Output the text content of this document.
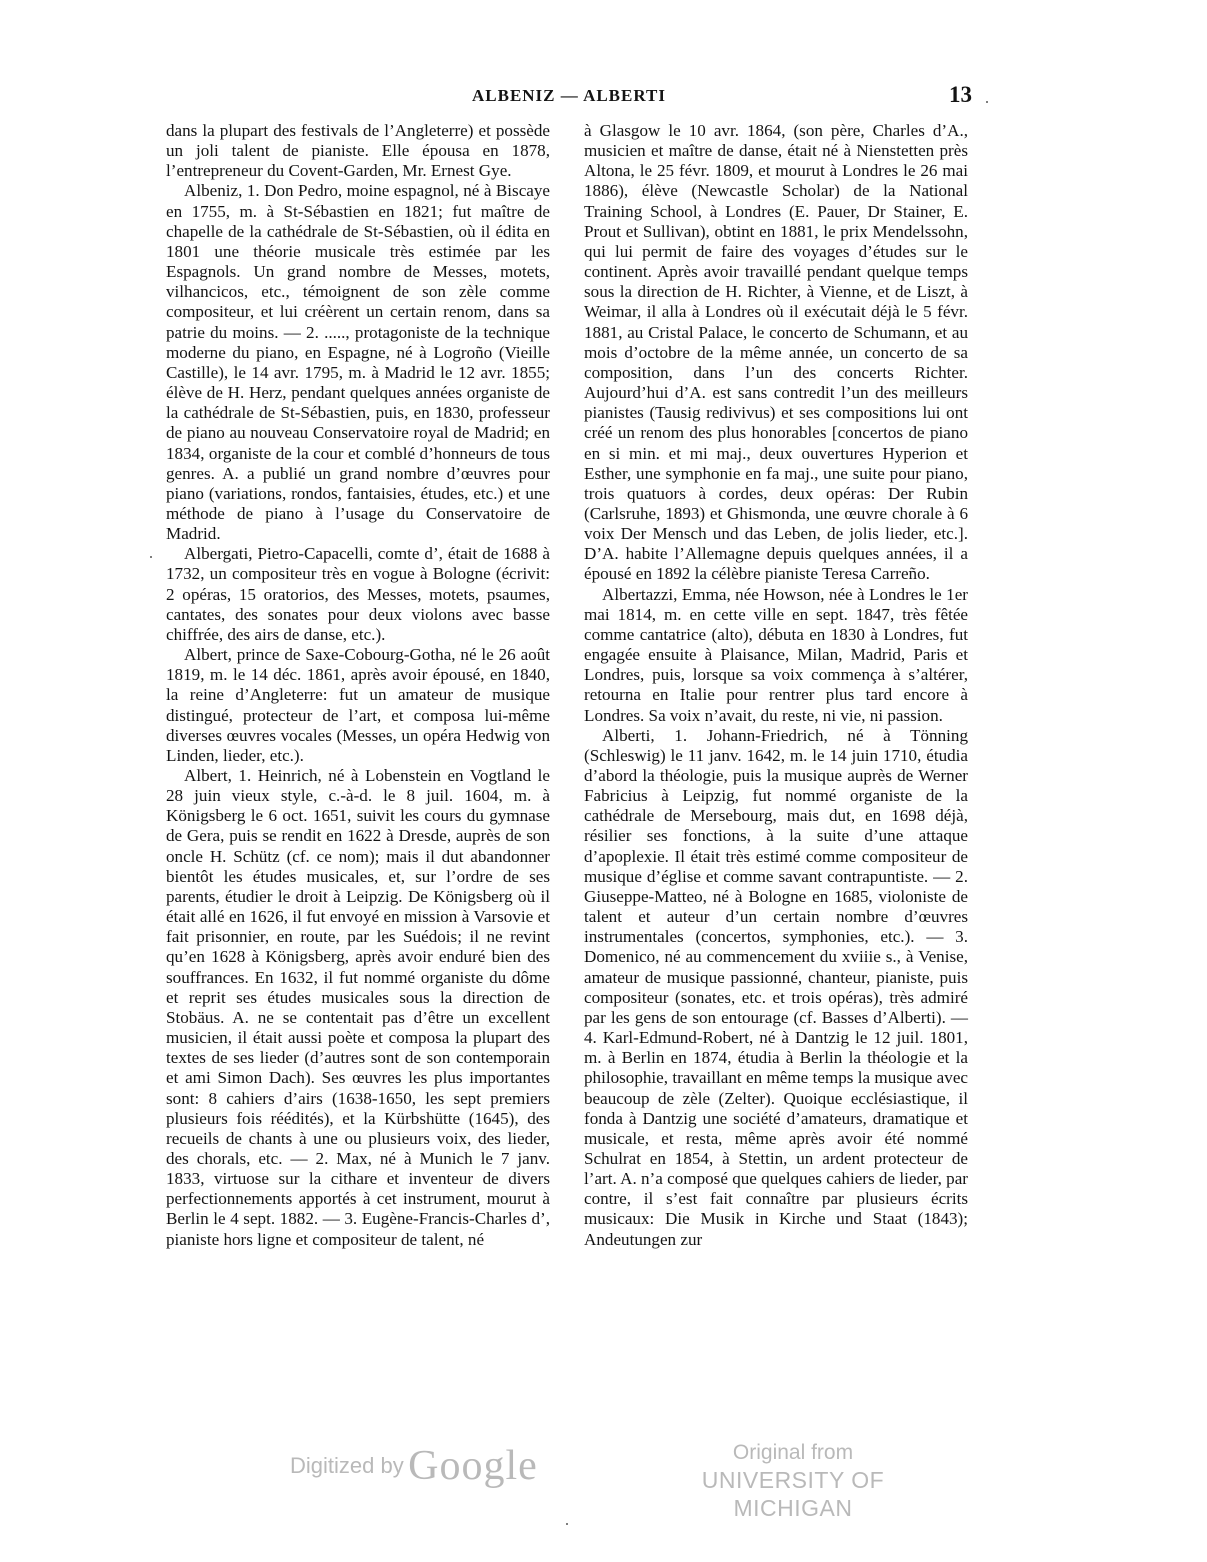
ALBENIZ — ALBERTI	13

dans la plupart des festivals de l’Angleterre) et possède un joli talent de pianiste. Elle épousa en 1878, l’entrepreneur du Covent-Garden, Mr. Ernest Gye.

Albeniz, 1. Don Pedro, moine espagnol, né à Biscaye en 1755, m. à St-Sébastien en 1821; fut maître de chapelle de la cathédrale de St-Sébastien, où il édita en 1801 une théorie musicale très estimée par les Espagnols. Un grand nombre de Messes, motets, vilhancicos, etc., témoignent de son zèle comme compositeur, et lui créèrent un certain renom, dans sa patrie du moins. — 2. ....., protagoniste de la technique moderne du piano, en Espagne, né à Logroño (Vieille Castille), le 14 avr. 1795, m. à Madrid le 12 avr. 1855; élève de H. Herz, pendant quelques années organiste de la cathédrale de St-Sébastien, puis, en 1830, professeur de piano au nouveau Conservatoire royal de Madrid; en 1834, organiste de la cour et comblé d’honneurs de tous genres. A. a publié un grand nombre d’œuvres pour piano (variations, rondos, fantaisies, études, etc.) et une méthode de piano à l’usage du Conservatoire de Madrid.

Albergati, Pietro-Capacelli, comte d’, était de 1688 à 1732, un compositeur très en vogue à Bologne (écrivit: 2 opéras, 15 oratorios, des Messes, motets, psaumes, cantates, des sonates pour deux violons avec basse chiffrée, des airs de danse, etc.).

Albert, prince de Saxe-Cobourg-Gotha, né le 26 août 1819, m. le 14 déc. 1861, après avoir épousé, en 1840, la reine d’Angleterre: fut un amateur de musique distingué, protecteur de l’art, et composa lui-même diverses œuvres vocales (Messes, un opéra Hedwig von Linden, lieder, etc.).

Albert, 1. Heinrich, né à Lobenstein en Vogtland le 28 juin vieux style, c.-à-d. le 8 juil. 1604, m. à Königsberg le 6 oct. 1651, suivit les cours du gymnase de Gera, puis se rendit en 1622 à Dresde, auprès de son oncle H. Schütz (cf. ce nom); mais il dut abandonner bientôt les études musicales, et, sur l’ordre de ses parents, étudier le droit à Leipzig. De Königsberg où il était allé en 1626, il fut envoyé en mission à Varsovie et fait prisonnier, en route, par les Suédois; il ne revint qu’en 1628 à Königsberg, après avoir enduré bien des souffrances. En 1632, il fut nommé organiste du dôme et reprit ses études musicales sous la direction de Stobäus. A. ne se contentait pas d’être un excellent musicien, il était aussi poète et composa la plupart des textes de ses lieder (d’autres sont de son contemporain et ami Simon Dach). Ses œuvres les plus importantes sont: 8 cahiers d’airs (1638-1650, les sept premiers plusieurs fois réédités), et la Kürbshütte (1645), des recueils de chants à une ou plusieurs voix, des lieder, des chorals, etc. — 2. Max, né à Munich le 7 janv. 1833, virtuose sur la cithare et inventeur de divers perfectionnements apportés à cet instrument, mourut à Berlin le 4 sept. 1882. — 3. Eugène-Francis-Charles d’, pianiste hors ligne et compositeur de talent, né

à Glasgow le 10 avr. 1864, (son père, Charles d’A., musicien et maître de danse, était né à Nienstetten près Altona, le 25 févr. 1809, et mourut à Londres le 26 mai 1886), élève (Newcastle Scholar) de la National Training School, à Londres (E. Pauer, Dr Stainer, E. Prout et Sullivan), obtint en 1881, le prix Mendelssohn, qui lui permit de faire des voyages d’études sur le continent. Après avoir travaillé pendant quelque temps sous la direction de H. Richter, à Vienne, et de Liszt, à Weimar, il alla à Londres où il exécutait déjà le 5 févr. 1881, au Cristal Palace, le concerto de Schumann, et au mois d’octobre de la même année, un concerto de sa composition, dans l’un des concerts Richter. Aujourd’hui d’A. est sans contredit l’un des meilleurs pianistes (Tausig redivivus) et ses compositions lui ont créé un renom des plus honorables [concertos de piano en si min. et mi maj., deux ouvertures Hyperion et Esther, une symphonie en fa maj., une suite pour piano, trois quatuors à cordes, deux opéras: Der Rubin (Carlsruhe, 1893) et Ghismonda, une œuvre chorale à 6 voix Der Mensch und das Leben, de jolis lieder, etc.]. D’A. habite l’Allemagne depuis quelques années, il a épousé en 1892 la célèbre pianiste Teresa Carreño.

Albertazzi, Emma, née Howson, née à Londres le 1er mai 1814, m. en cette ville en sept. 1847, très fêtée comme cantatrice (alto), débuta en 1830 à Londres, fut engagée ensuite à Plaisance, Milan, Madrid, Paris et Londres, puis, lorsque sa voix commença à s’altérer, retourna en Italie pour rentrer plus tard encore à Londres. Sa voix n’avait, du reste, ni vie, ni passion.

Alberti, 1. Johann-Friedrich, né à Tönning (Schleswig) le 11 janv. 1642, m. le 14 juin 1710, étudia d’abord la théologie, puis la musique auprès de Werner Fabricius à Leipzig, fut nommé organiste de la cathédrale de Mersebourg, mais dut, en 1698 déjà, résilier ses fonctions, à la suite d’une attaque d’apoplexie. Il était très estimé comme compositeur de musique d’église et comme savant contrapuntiste. — 2. Giuseppe-Matteo, né à Bologne en 1685, violoniste de talent et auteur d’un certain nombre d’œuvres instrumentales (concertos, symphonies, etc.). — 3. Domenico, né au commencement du xviiie s., à Venise, amateur de musique passionné, chanteur, pianiste, puis compositeur (sonates, etc. et trois opéras), très admiré par les gens de son entourage (cf. Basses d’Alberti). — 4. Karl-Edmund-Robert, né à Dantzig le 12 juil. 1801, m. à Berlin en 1874, étudia à Berlin la théologie et la philosophie, travaillant en même temps la musique avec beaucoup de zèle (Zelter). Quoique ecclésiastique, il fonda à Dantzig une société d’amateurs, dramatique et musicale, et resta, même après avoir été nommé Schulrat en 1854, à Stettin, un ardent protecteur de l’art. A. n’a composé que quelques cahiers de lieder, par contre, il s’est fait connaître par plusieurs écrits musicaux: Die Musik in Kirche und Staat (1843); Andeutungen zur

Digitized by Google	Original from
UNIVERSITY OF MICHIGAN
